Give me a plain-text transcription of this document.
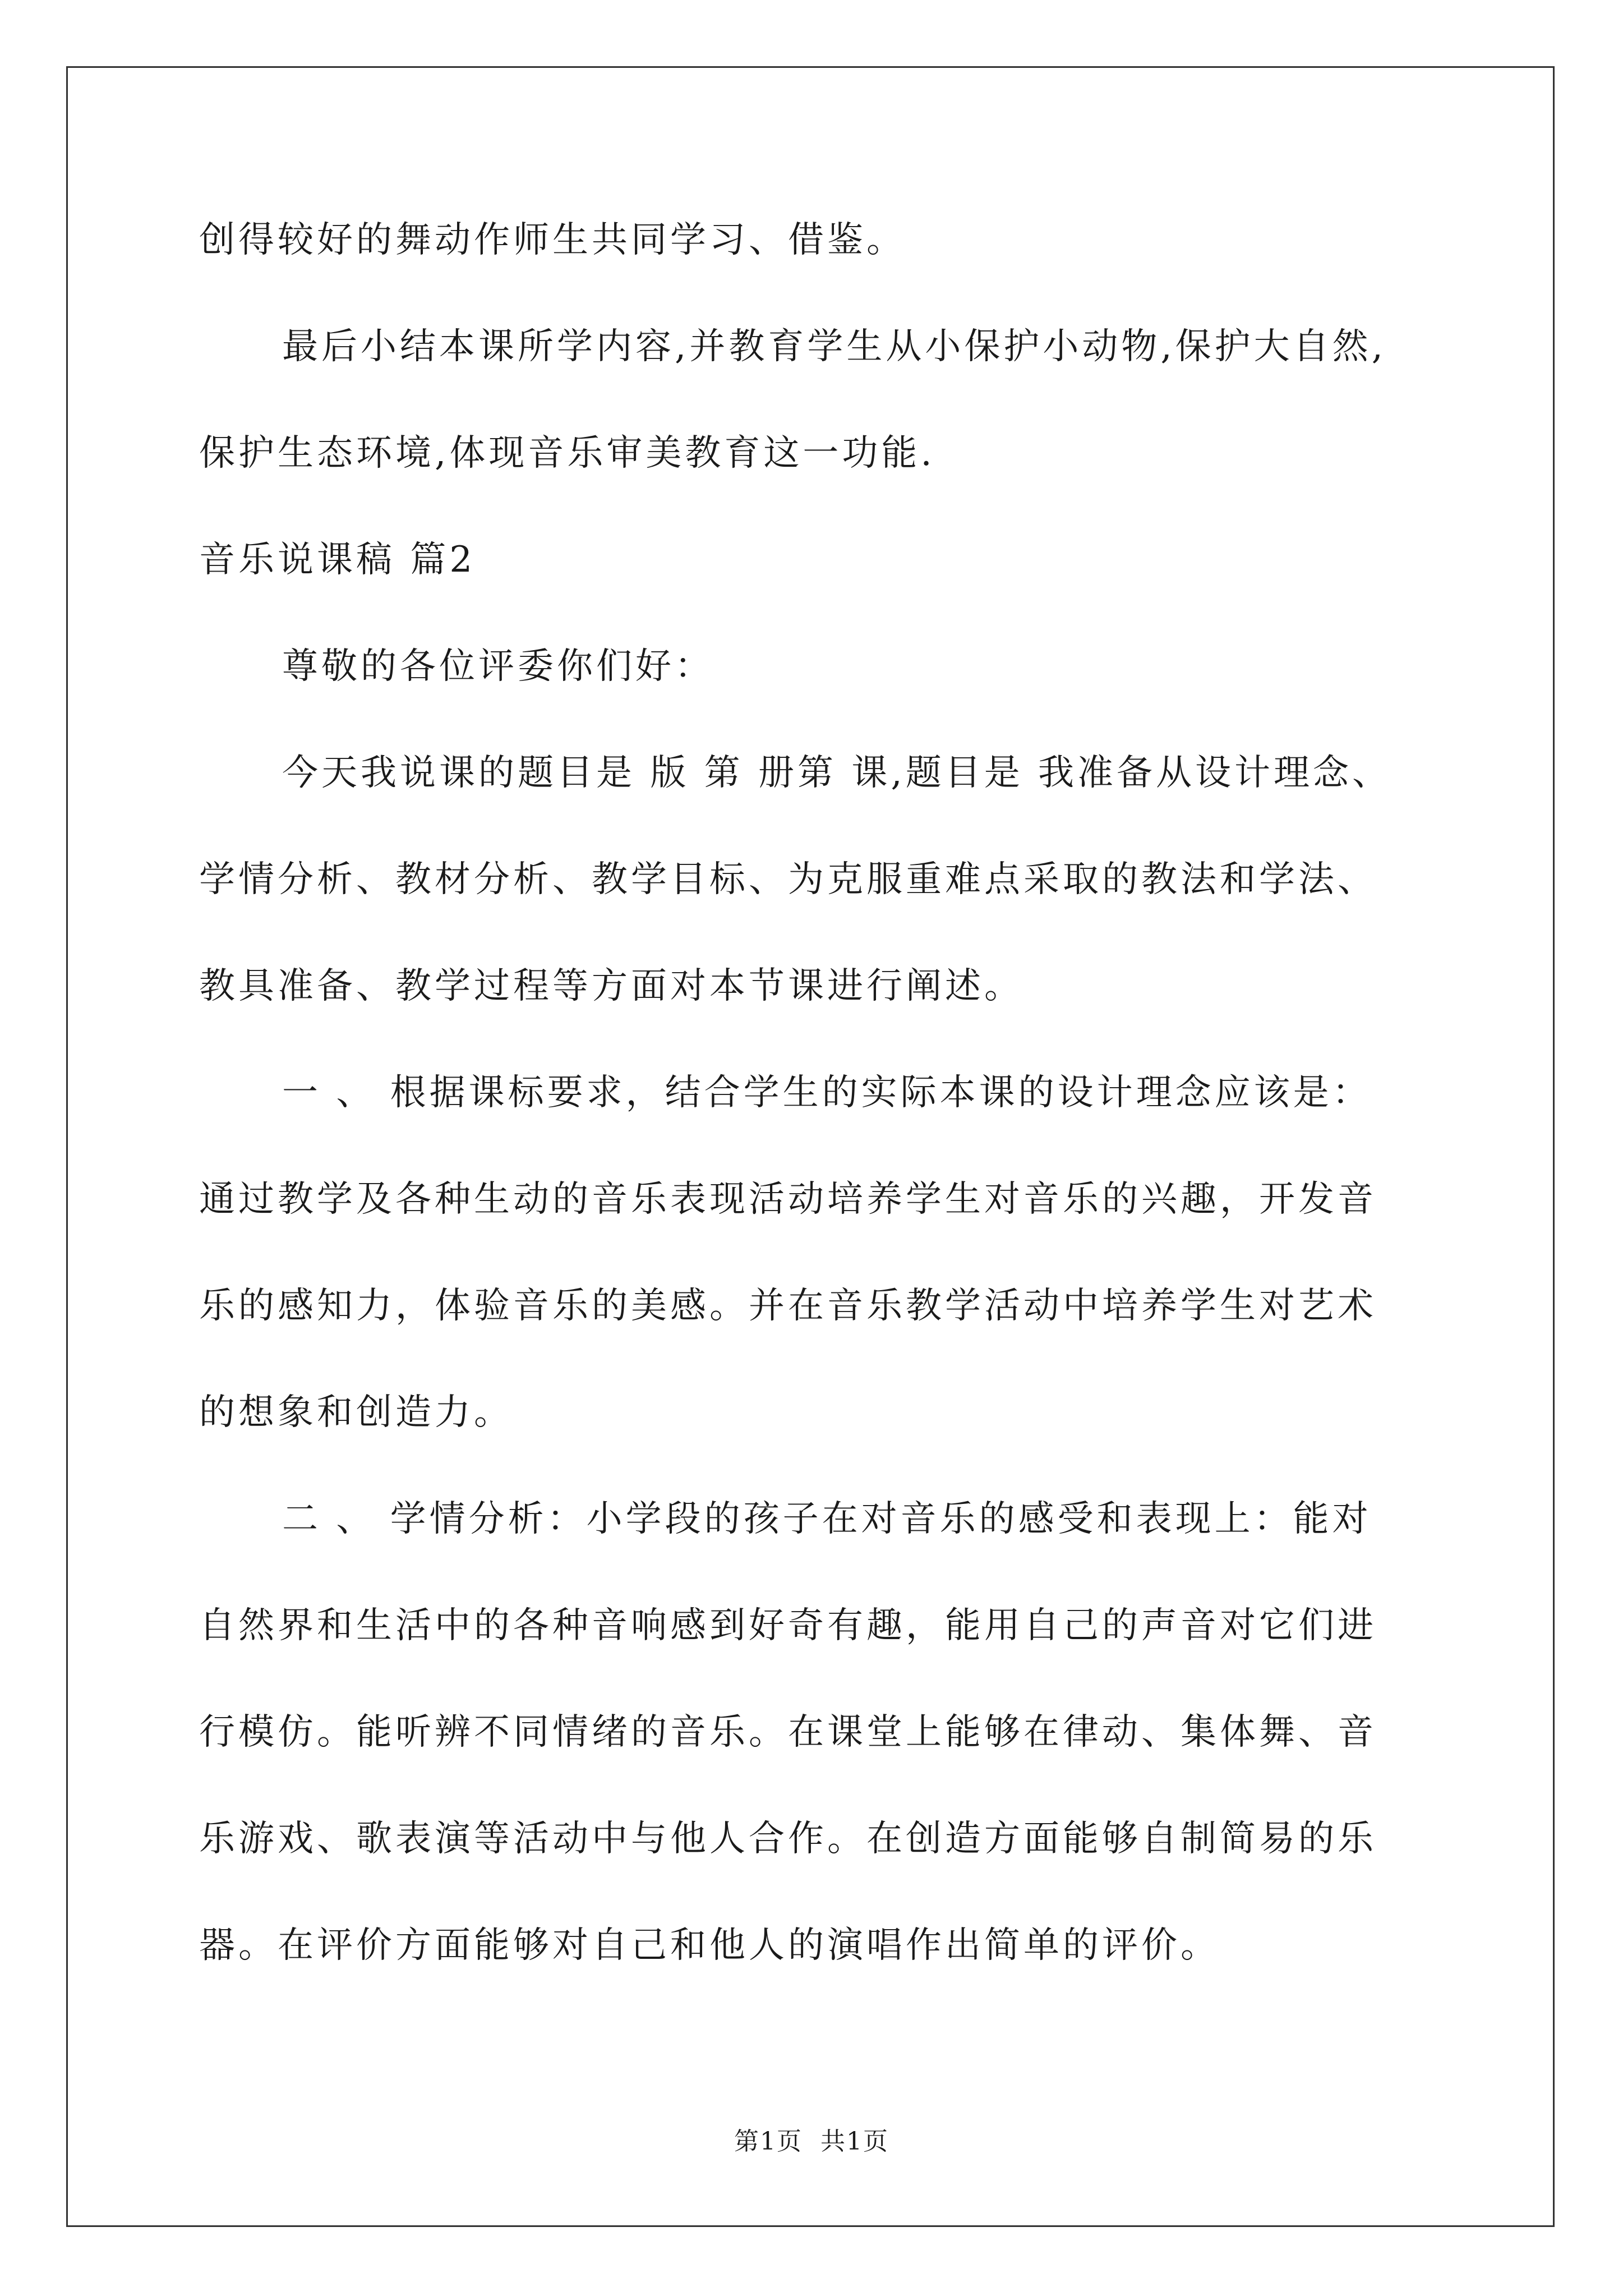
创得较好的舞动作师生共同学习、借鉴。
最后小结本课所学内容,并教育学生从小保护小动物,保护大自然,
保护生态环境,体现音乐审美教育这一功能.
音乐说课稿 篇2
尊敬的各位评委你们好：
今天我说课的题目是 版 第 册第 课,题目是 我准备从设计理念、
学情分析、教材分析、教学目标、为克服重难点采取的教法和学法、
教具准备、教学过程等方面对本节课进行阐述。
一 、 根据课标要求，结合学生的实际本课的设计理念应该是：
通过教学及各种生动的音乐表现活动培养学生对音乐的兴趣，开发音
乐的感知力，体验音乐的美感。并在音乐教学活动中培养学生对艺术
的想象和创造力。
二 、 学情分析：小学段的孩子在对音乐的感受和表现上：能对
自然界和生活中的各种音响感到好奇有趣，能用自己的声音对它们进
行模仿。能听辨不同情绪的音乐。在课堂上能够在律动、集体舞、音
乐游戏、歌表演等活动中与他人合作。在创造方面能够自制简易的乐
器。在评价方面能够对自己和他人的演唱作出简单的评价。
第1页 共1页
